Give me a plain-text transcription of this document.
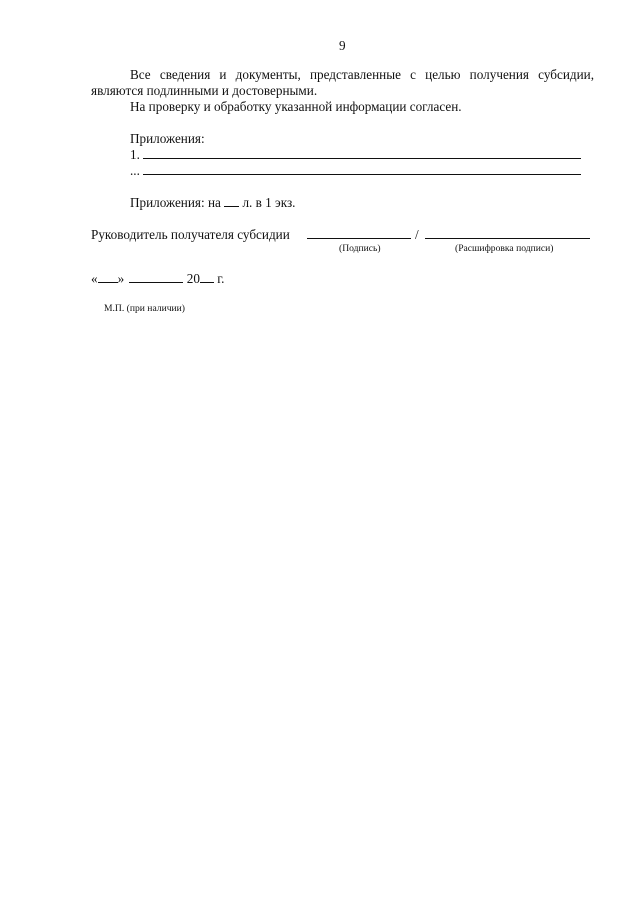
9
Все сведения и документы, представленные с целью получения субсидии,
являются подлинными и достоверными.
На проверку и обработку указанной информации согласен.
Приложения:
1.
...
Приложения: на л. в 1 экз.
Руководитель получателя субсидии	/
(Подпись)	(Расшифровка подписи)
« »	20 г.
М.П. (при наличии)
